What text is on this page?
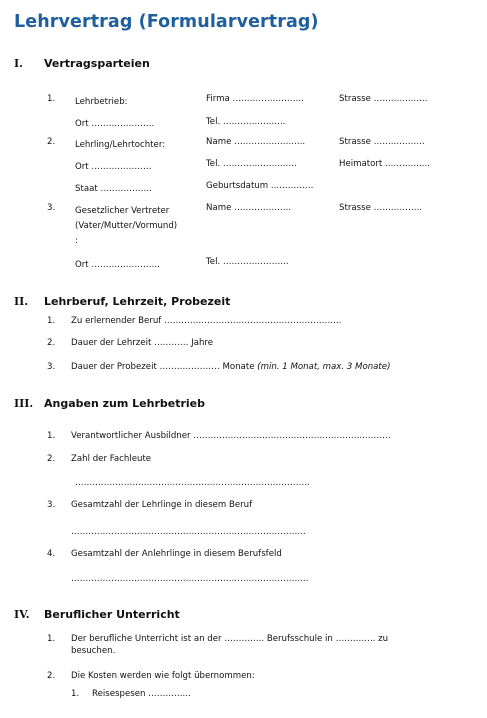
Lehrvertrag (Formularvertrag)
I. Vertragsparteien
1. Lehrbetrieb:	Firma …………………….	Strasse …………..…..
Ort ………………….	Tel. ……………..…..
2. Lehrling/Lehrtochter:	Name ………………..…..	Strasse ……..……….
Ort …………………	Tel. ………………...…..	Heimatort ..……….....
Staat ………………	Geburtsdatum ...…………
3. Gesetzlicher Vertreter
(Vater/Mutter/Vormund)
:
Name ………………..	Strasse ……………..
Ort ……………………	Tel. …………………..
II. Lehrberuf, Lehrzeit, Probezeit
1. Zu erlernender Beruf ……………………………………………………..
2. Dauer der Lehrzeit ………… Jahre
3. Dauer der Probezeit ………………… Monate (min. 1 Monat, max. 3 Monate)
III. Angaben zum Lehrbetrieb
1. Verantwortlicher Ausbildner …………………………………………………..……….
2. Zahl der Fachleute
……………………………………………………………………….
3. Gesamtzahl der Lehrlinge in diesem Beruf
……………………………………………………………………….
4. Gesamtzahl der Anlehrlinge in diesem Berufsfeld
………………………………………………………………………..
IV. Beruflicher Unterricht
1. Der berufliche Unterricht ist an der ………….. Berufsschule in ………….. zu
besuchen.
2. Die Kosten werden wie folgt übernommen:
1. Reisespesen …………...
